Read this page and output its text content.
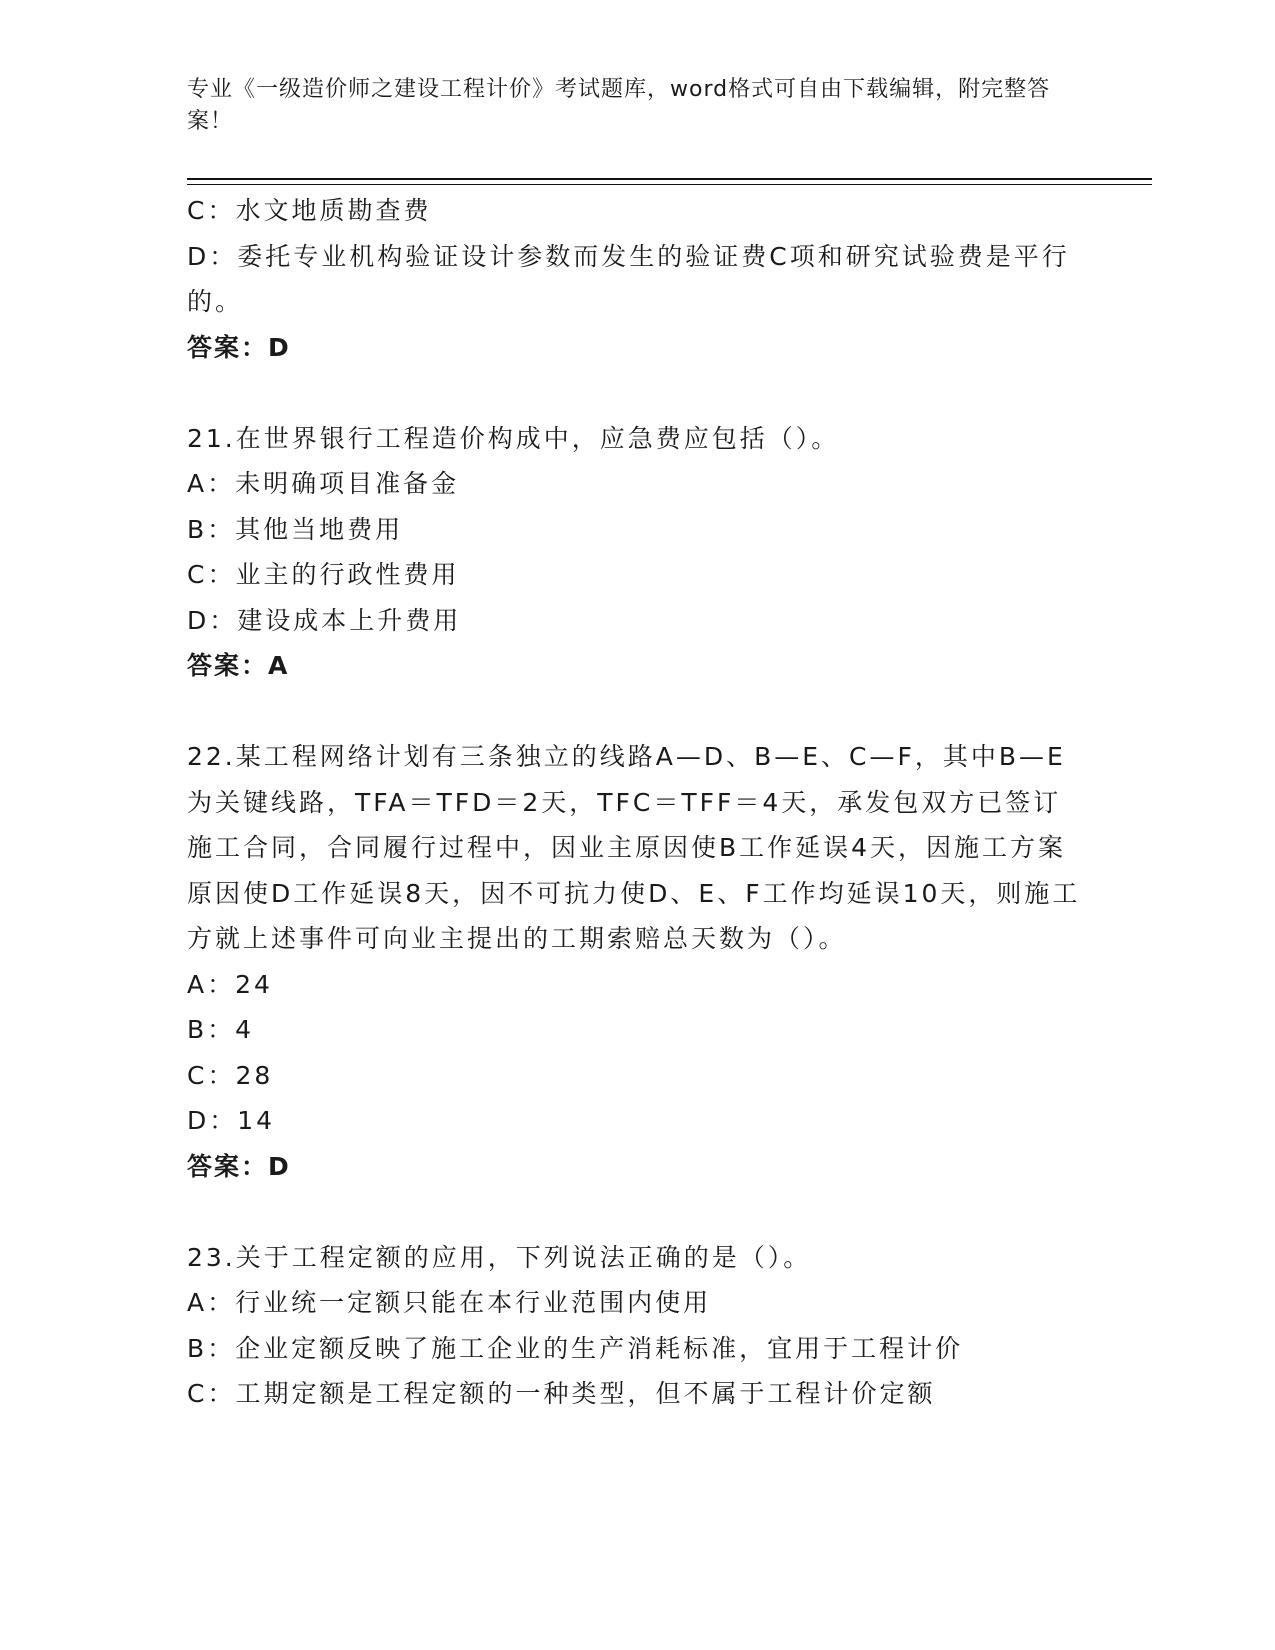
专业《一级造价师之建设工程计价》考试题库，word格式可自由下载编辑，附完整答案！
C：水文地质勘查费
D：委托专业机构验证设计参数而发生的验证费C项和研究试验费是平行的。
答案：D
21.在世界银行工程造价构成中，应急费应包括（）。
A：未明确项目准备金
B：其他当地费用
C：业主的行政性费用
D：建设成本上升费用
答案：A
22.某工程网络计划有三条独立的线路A—D、B—E、C—F，其中B—E为关键线路，TFA＝TFD＝2天，TFC＝TFF＝4天，承发包双方已签订施工合同，合同履行过程中，因业主原因使B工作延误4天，因施工方案原因使D工作延误8天，因不可抗力使D、E、F工作均延误10天，则施工方就上述事件可向业主提出的工期索赔总天数为（）。
A：24
B：4
C：28
D：14
答案：D
23.关于工程定额的应用，下列说法正确的是（）。
A：行业统一定额只能在本行业范围内使用
B：企业定额反映了施工企业的生产消耗标准，宜用于工程计价
C：工期定额是工程定额的一种类型，但不属于工程计价定额
